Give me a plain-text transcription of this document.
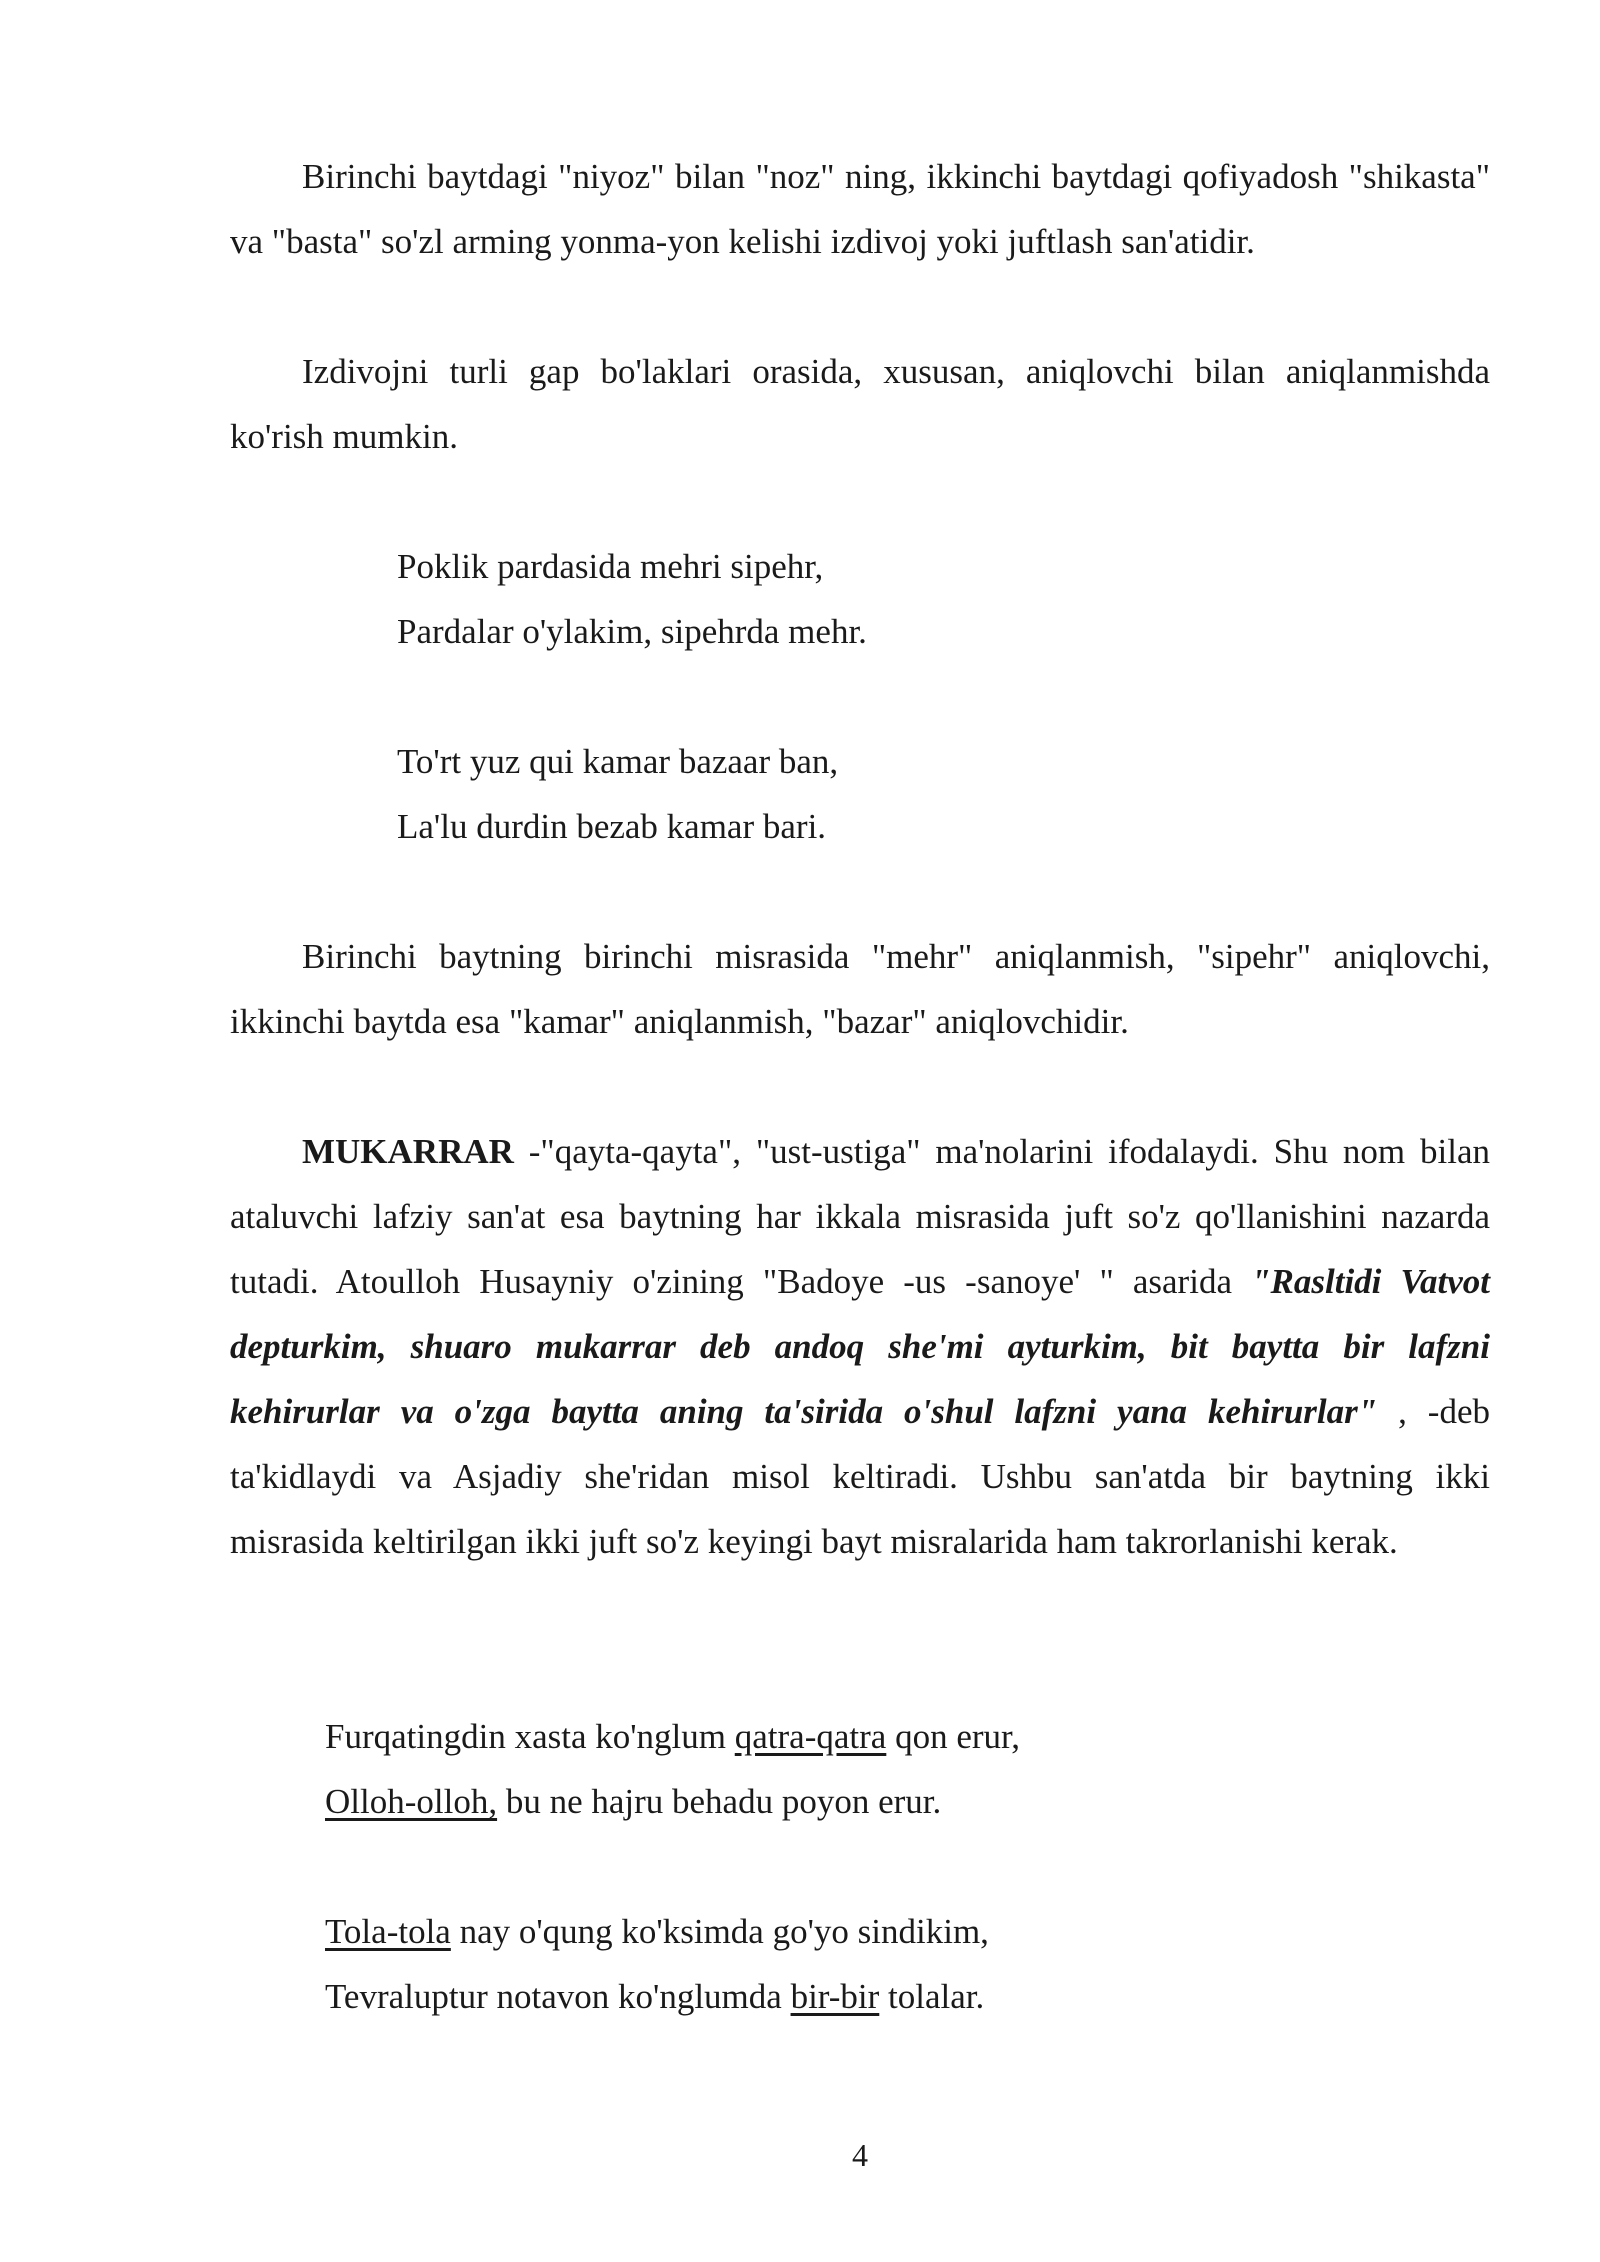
Birinchi baytdagi "niyoz" bilan "noz" ning, ikkinchi baytdagi qofiyadosh "shikasta" va "basta" so'zl arming yonma-yon kelishi izdivoj yoki juftlash san'atidir.

Izdivojni turli gap bo'laklari orasida, xususan, aniqlovchi bilan aniqlanmishda ko'rish mumkin.

Poklik pardasida mehri sipehr,
Pardalar o'ylakim, sipehrda mehr.
To'rt yuz qui kamar bazaar ban,
La'lu durdin bezab kamar bari.

Birinchi baytning birinchi misrasida "mehr" aniqlanmish, "sipehr" aniqlovchi, ikkinchi baytda esa "kamar" aniqlanmish, "bazar" aniqlovchidir.

MUKARRAR -"qayta-qayta", "ust-ustiga" ma'nolarini ifodalaydi. Shu nom bilan ataluvchi lafziy san'at esa baytning har ikkala misrasida juft so'z qo'llanishini nazarda tutadi. Atoulloh Husayniy o'zining "Badoye -us -sanoye' " asarida "Rasltidi Vatvot depturkim, shuaro mukarrar deb andoq she'mi ayturkim, bit baytta bir lafzni kehirurlar va o'zga baytta aning ta'sirida o'shul lafzni yana kehirurlar" , -deb ta'kidlaydi va Asjadiy she'ridan misol keltiradi. Ushbu san'atda bir baytning ikki misrasida keltirilgan ikki juft so'z keyingi bayt misralarida ham takrorlanishi kerak.

Furqatingdin xasta ko'nglum qatra-qatra qon erur,
Olloh-olloh, bu ne hajru behadu poyon erur.
Tola-tola nay o'qung ko'ksimda go'yo sindikim,
Tevraluptur notavon ko'nglumda bir-bir tolalar.
4
